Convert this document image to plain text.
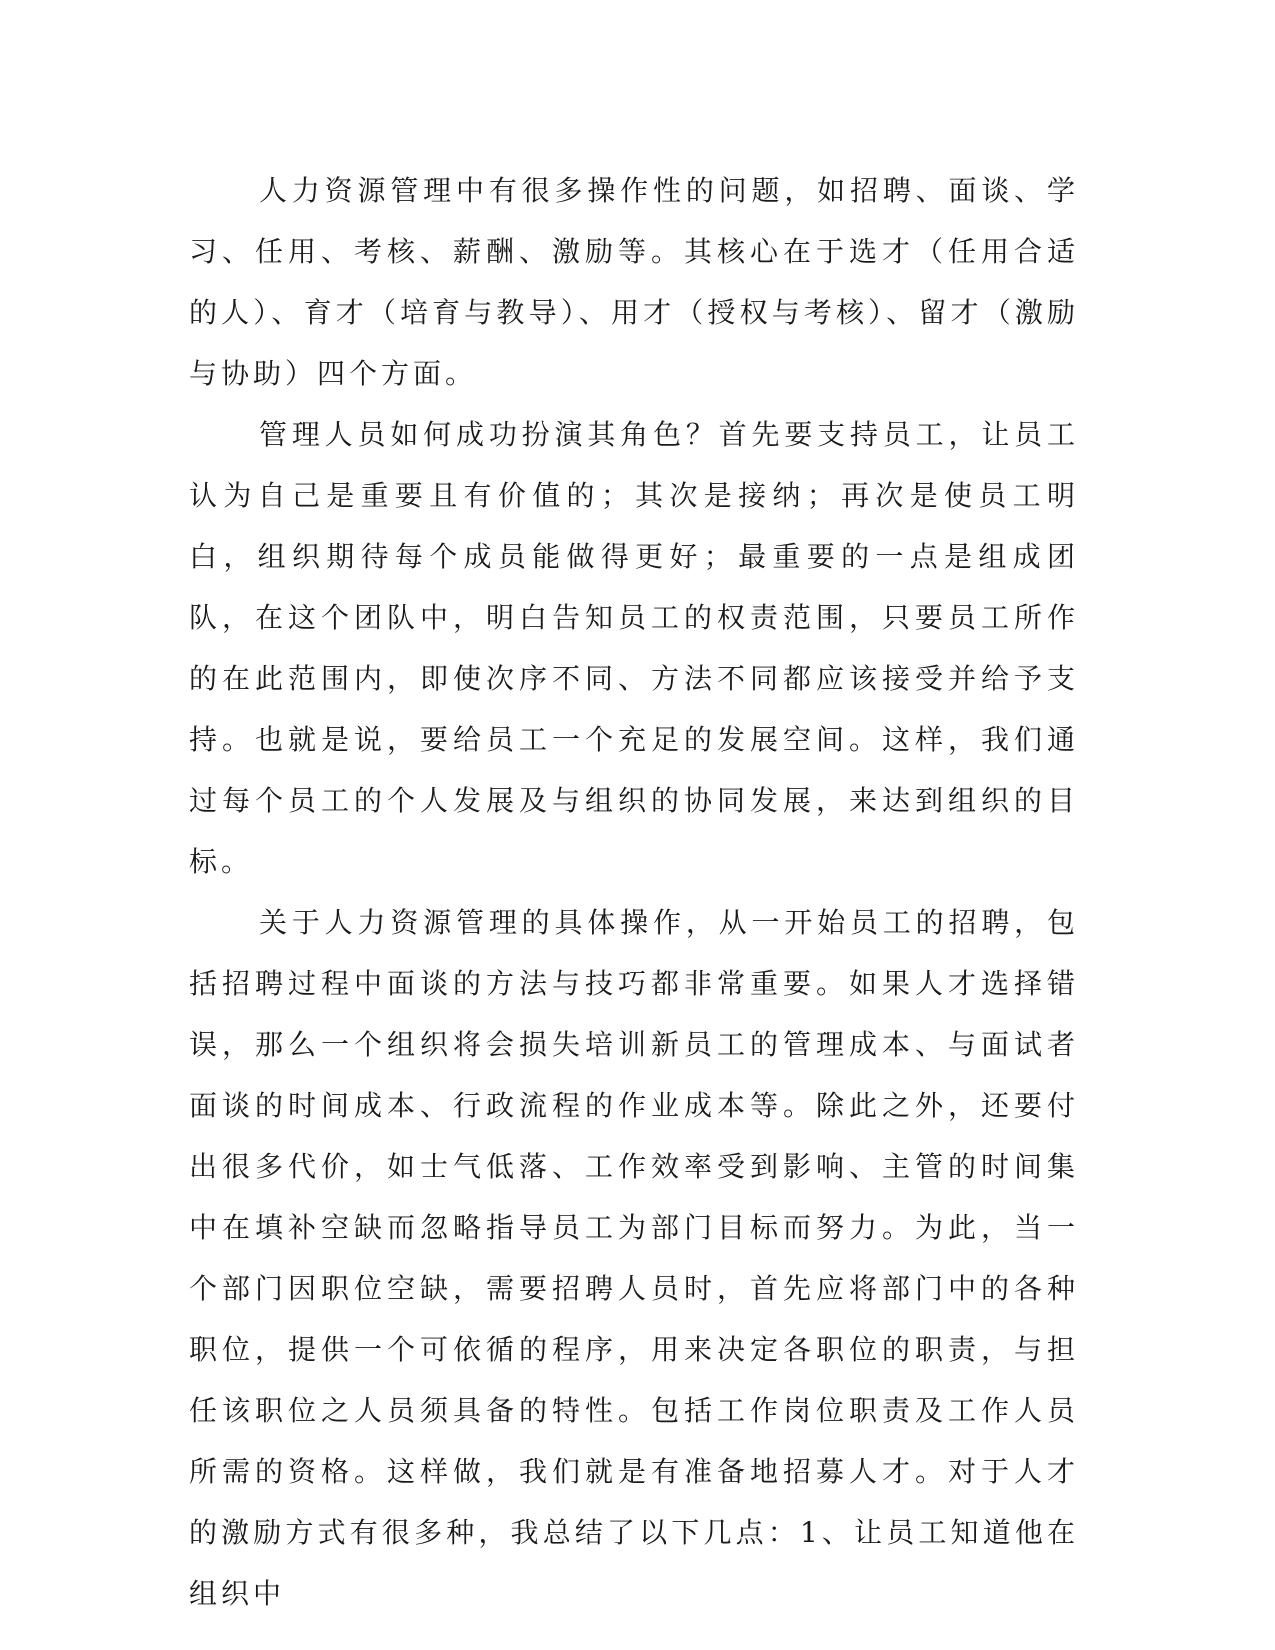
人力资源管理中有很多操作性的问题，如招聘、面谈、学习、任用、考核、薪酬、激励等。其核心在于选才（任用合适的人）、育才（培育与教导）、用才（授权与考核）、留才（激励与协助）四个方面。

管理人员如何成功扮演其角色？首先要支持员工，让员工认为自己是重要且有价值的；其次是接纳；再次是使员工明白，组织期待每个成员能做得更好；最重要的一点是组成团队，在这个团队中，明白告知员工的权责范围，只要员工所作的在此范围内，即使次序不同、方法不同都应该接受并给予支持。也就是说，要给员工一个充足的发展空间。这样，我们通过每个员工的个人发展及与组织的协同发展，来达到组织的目标。

关于人力资源管理的具体操作，从一开始员工的招聘，包括招聘过程中面谈的方法与技巧都非常重要。如果人才选择错误，那么一个组织将会损失培训新员工的管理成本、与面试者面谈的时间成本、行政流程的作业成本等。除此之外，还要付出很多代价，如士气低落、工作效率受到影响、主管的时间集中在填补空缺而忽略指导员工为部门目标而努力。为此，当一个部门因职位空缺，需要招聘人员时，首先应将部门中的各种职位，提供一个可依循的程序，用来决定各职位的职责，与担任该职位之人员须具备的特性。包括工作岗位职责及工作人员所需的资格。这样做，我们就是有准备地招募人才。对于人才的激励方式有很多种，我总结了以下几点：1、让员工知道他在组织中
